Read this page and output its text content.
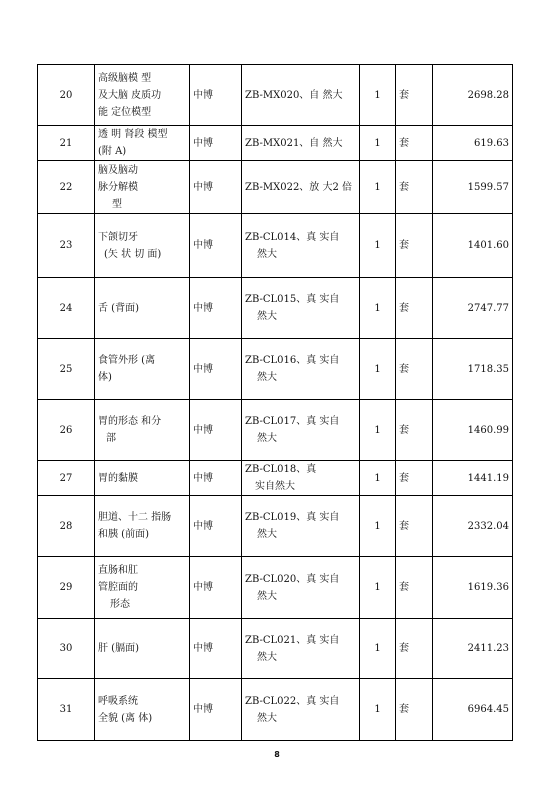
20	高级脑模 型
及大脑 皮质功
能 定位模型	中博	ZB-MX020、自 然大	1	套	2698.28
21	透 明 肾段 模型
(附 A)	中博	ZB-MX021、自 然大	1	套	619.63
22	脑及脑动
脉分解模
型	中博	ZB-MX022、放 大2 倍	1	套	1599.57
23	下颌切牙
(矢 状 切 面)	中博	ZB-CL014、真 实自
然大	1	套	1401.60
24	舌 (背面)	中博	ZB-CL015、真 实自
然大	1	套	2747.77
25	食管外形 (离
体)	中博	ZB-CL016、真 实自
然大	1	套	1718.35
26	胃的形态 和分
部	中博	ZB-CL017、真 实自
然大	1	套	1460.99
27	胃的黏膜	中博	ZB-CL018、真
实自然大	1	套	1441.19
28	胆道、十二 指肠
和胰 (前面)	中博	ZB-CL019、真 实自
然大	1	套	2332.04
29	直肠和肛
管腔面的
形态	中博	ZB-CL020、真 实自
然大	1	套	1619.36
30	肝 (膈面)	中博	ZB-CL021、真 实自
然大	1	套	2411.23
31	呼吸系统
全貌 (离 体)	中博	ZB-CL022、真 实自
然大	1	套	6964.45
8
